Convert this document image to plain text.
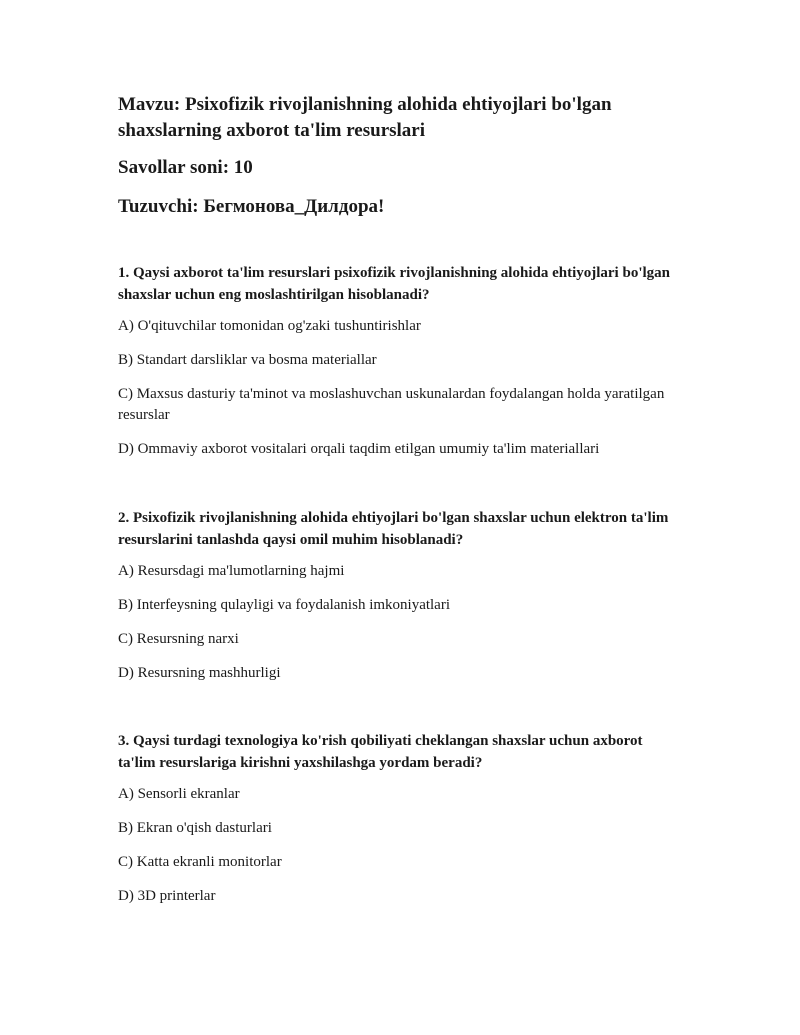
Mavzu: Psixofizik rivojlanishning alohida ehtiyojlari bo'lgan shaxslarning axborot ta'lim resurslari
Savollar soni: 10
Tuzuvchi: Бегмонова_Дилдора!

1. Qaysi axborot ta'lim resurslari psixofizik rivojlanishning alohida ehtiyojlari bo'lgan shaxslar uchun eng moslashtirilgan hisoblanadi?

A) O'qituvchilar tomonidan og'zaki tushuntirishlar

B) Standart darsliklar va bosma materiallar

C) Maxsus dasturiy ta'minot va moslashuvchan uskunalardan foydalangan holda yaratilgan resurslar

D) Ommaviy axborot vositalari orqali taqdim etilgan umumiy ta'lim materiallari

2. Psixofizik rivojlanishning alohida ehtiyojlari bo'lgan shaxslar uchun elektron ta'lim resurslarini tanlashda qaysi omil muhim hisoblanadi?

A) Resursdagi ma'lumotlarning hajmi

B) Interfeysning qulayligi va foydalanish imkoniyatlari

C) Resursning narxi

D) Resursning mashhurligi

3. Qaysi turdagi texnologiya ko'rish qobiliyati cheklangan shaxslar uchun axborot ta'lim resurslariga kirishni yaxshilashga yordam beradi?

A) Sensorli ekranlar

B) Ekran o'qish dasturlari

C) Katta ekranli monitorlar

D) 3D printerlar
